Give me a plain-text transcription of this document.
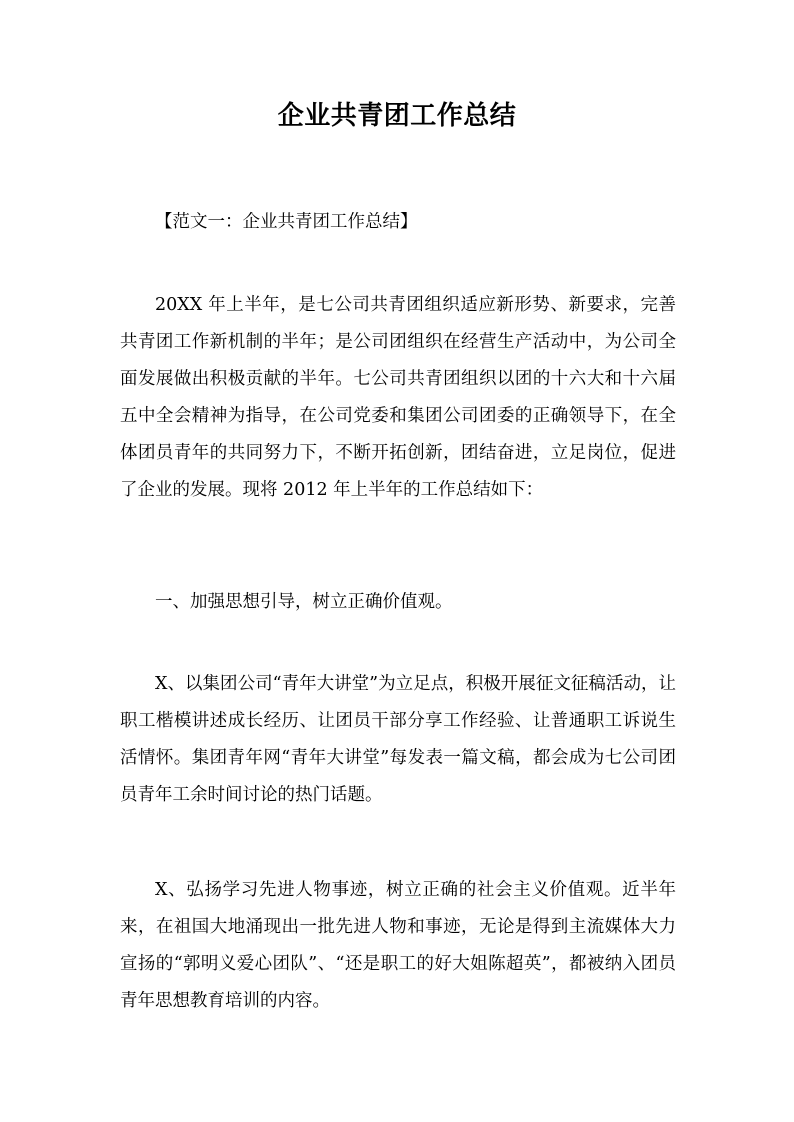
企业共青团工作总结

【范文一：企业共青团工作总结】

20XX 年上半年，是七公司共青团组织适应新形势、新要求，完善共青团工作新机制的半年；是公司团组织在经营生产活动中，为公司全面发展做出积极贡献的半年。七公司共青团组织以团的十六大和十六届五中全会精神为指导，在公司党委和集团公司团委的正确领导下，在全体团员青年的共同努力下，不断开拓创新，团结奋进，立足岗位，促进了企业的发展。现将 2012 年上半年的工作总结如下：

一、加强思想引导，树立正确价值观。

X、以集团公司“青年大讲堂”为立足点，积极开展征文征稿活动，让职工楷模讲述成长经历、让团员干部分享工作经验、让普通职工诉说生活情怀。集团青年网“青年大讲堂”每发表一篇文稿，都会成为七公司团员青年工余时间讨论的热门话题。

X、弘扬学习先进人物事迹，树立正确的社会主义价值观。近半年来，在祖国大地涌现出一批先进人物和事迹，无论是得到主流媒体大力宣扬的“郭明义爱心团队”、“还是职工的好大姐陈超英”，都被纳入团员青年思想教育培训的内容。
